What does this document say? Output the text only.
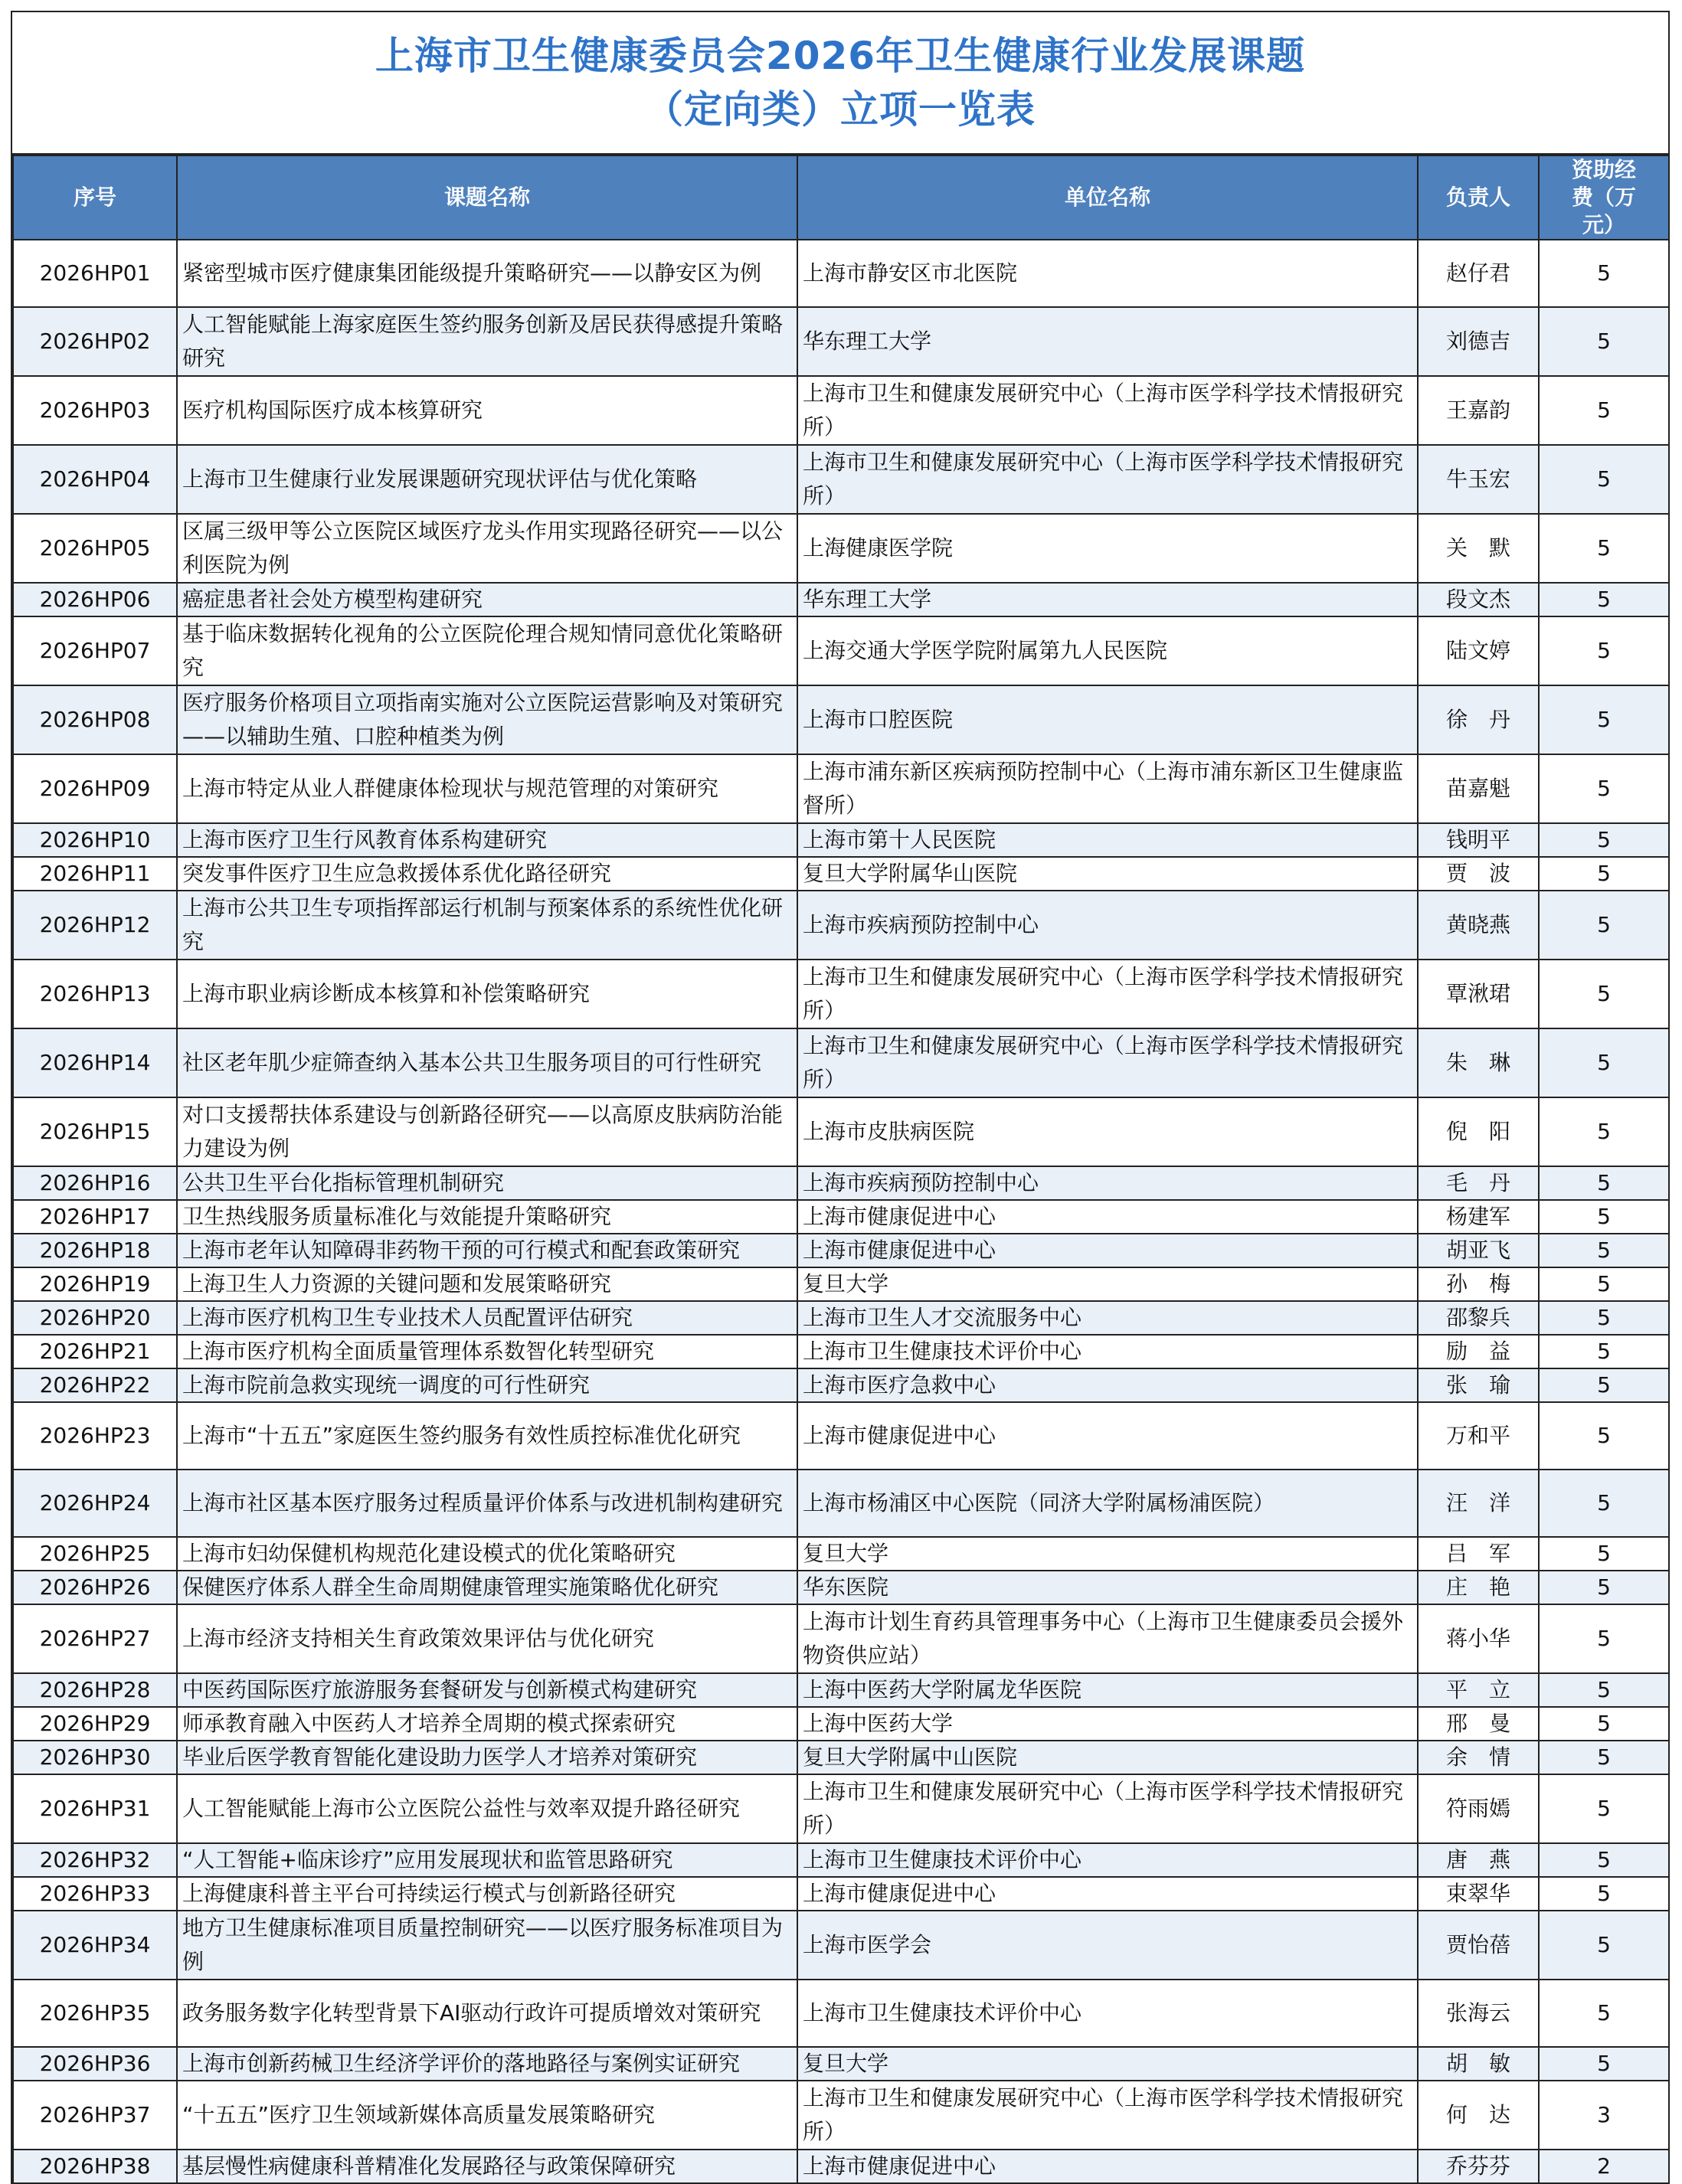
上海市卫生健康委员会2026年卫生健康行业发展课题
（定向类）立项一览表
序号	课题名称	单位名称	负责人	资助经费（万元）
2026HP01	紧密型城市医疗健康集团能级提升策略研究——以静安区为例	上海市静安区市北医院	赵仔君	5
2026HP02	人工智能赋能上海家庭医生签约服务创新及居民获得感提升策略研究	华东理工大学	刘德吉	5
2026HP03	医疗机构国际医疗成本核算研究	上海市卫生和健康发展研究中心（上海市医学科学技术情报研究所）	王嘉韵	5
2026HP04	上海市卫生健康行业发展课题研究现状评估与优化策略	上海市卫生和健康发展研究中心（上海市医学科学技术情报研究所）	牛玉宏	5
2026HP05	区属三级甲等公立医院区域医疗龙头作用实现路径研究——以公利医院为例	上海健康医学院	关　默	5
2026HP06	癌症患者社会处方模型构建研究	华东理工大学	段文杰	5
2026HP07	基于临床数据转化视角的公立医院伦理合规知情同意优化策略研究	上海交通大学医学院附属第九人民医院	陆文婷	5
2026HP08	医疗服务价格项目立项指南实施对公立医院运营影响及对策研究——以辅助生殖、口腔种植类为例	上海市口腔医院	徐　丹	5
2026HP09	上海市特定从业人群健康体检现状与规范管理的对策研究	上海市浦东新区疾病预防控制中心（上海市浦东新区卫生健康监督所）	苗嘉魁	5
2026HP10	上海市医疗卫生行风教育体系构建研究	上海市第十人民医院	钱明平	5
2026HP11	突发事件医疗卫生应急救援体系优化路径研究	复旦大学附属华山医院	贾　波	5
2026HP12	上海市公共卫生专项指挥部运行机制与预案体系的系统性优化研究	上海市疾病预防控制中心	黄晓燕	5
2026HP13	上海市职业病诊断成本核算和补偿策略研究	上海市卫生和健康发展研究中心（上海市医学科学技术情报研究所）	覃湫珺	5
2026HP14	社区老年肌少症筛查纳入基本公共卫生服务项目的可行性研究	上海市卫生和健康发展研究中心（上海市医学科学技术情报研究所）	朱　琳	5
2026HP15	对口支援帮扶体系建设与创新路径研究——以高原皮肤病防治能力建设为例	上海市皮肤病医院	倪　阳	5
2026HP16	公共卫生平台化指标管理机制研究	上海市疾病预防控制中心	毛　丹	5
2026HP17	卫生热线服务质量标准化与效能提升策略研究	上海市健康促进中心	杨建军	5
2026HP18	上海市老年认知障碍非药物干预的可行模式和配套政策研究	上海市健康促进中心	胡亚飞	5
2026HP19	上海卫生人力资源的关键问题和发展策略研究	复旦大学	孙　梅	5
2026HP20	上海市医疗机构卫生专业技术人员配置评估研究	上海市卫生人才交流服务中心	邵黎兵	5
2026HP21	上海市医疗机构全面质量管理体系数智化转型研究	上海市卫生健康技术评价中心	励　益	5
2026HP22	上海市院前急救实现统一调度的可行性研究	上海市医疗急救中心	张　瑜	5
2026HP23	上海市“十五五”家庭医生签约服务有效性质控标准优化研究	上海市健康促进中心	万和平	5
2026HP24	上海市社区基本医疗服务过程质量评价体系与改进机制构建研究	上海市杨浦区中心医院（同济大学附属杨浦医院）	汪　洋	5
2026HP25	上海市妇幼保健机构规范化建设模式的优化策略研究	复旦大学	吕　军	5
2026HP26	保健医疗体系人群全生命周期健康管理实施策略优化研究	华东医院	庄　艳	5
2026HP27	上海市经济支持相关生育政策效果评估与优化研究	上海市计划生育药具管理事务中心（上海市卫生健康委员会援外物资供应站）	蒋小华	5
2026HP28	中医药国际医疗旅游服务套餐研发与创新模式构建研究	上海中医药大学附属龙华医院	平　立	5
2026HP29	师承教育融入中医药人才培养全周期的模式探索研究	上海中医药大学	邢　曼	5
2026HP30	毕业后医学教育智能化建设助力医学人才培养对策研究	复旦大学附属中山医院	余　情	5
2026HP31	人工智能赋能上海市公立医院公益性与效率双提升路径研究	上海市卫生和健康发展研究中心（上海市医学科学技术情报研究所）	符雨嫣	5
2026HP32	“人工智能+临床诊疗”应用发展现状和监管思路研究	上海市卫生健康技术评价中心	唐　燕	5
2026HP33	上海健康科普主平台可持续运行模式与创新路径研究	上海市健康促进中心	束翠华	5
2026HP34	地方卫生健康标准项目质量控制研究——以医疗服务标准项目为例	上海市医学会	贾怡蓓	5
2026HP35	政务服务数字化转型背景下AI驱动行政许可提质增效对策研究	上海市卫生健康技术评价中心	张海云	5
2026HP36	上海市创新药械卫生经济学评价的落地路径与案例实证研究	复旦大学	胡　敏	5
2026HP37	“十五五”医疗卫生领域新媒体高质量发展策略研究	上海市卫生和健康发展研究中心（上海市医学科学技术情报研究所）	何　达	3
2026HP38	基层慢性病健康科普精准化发展路径与政策保障研究	上海市健康促进中心	乔芬芬	2
